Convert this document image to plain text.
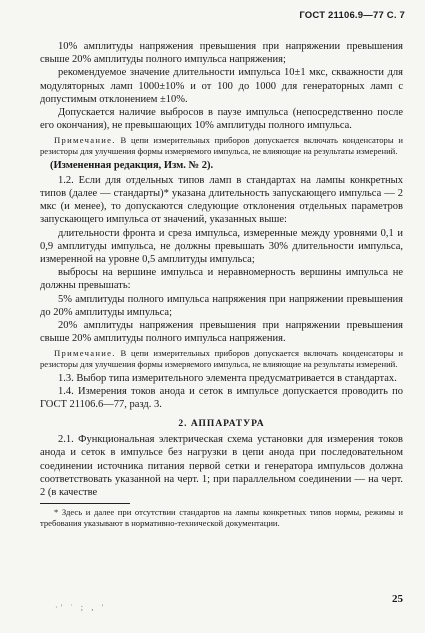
ГОСТ 21106.9—77 С. 7

10% амплитуды напряжения превышения при напряжении превышения свыше 20% амплитуды полного импульса напряжения;

рекомендуемое значение длительности импульса 10±1 мкс, скважности для модуляторных ламп 1000±10% и от 100 до 1000 для генераторных ламп с допустимым отклонением ±10%.

Допускается наличие выбросов в паузе импульса (непосредственно после его окончания), не превышающих 10% амплитуды полного импульса.

Примечание. В цепи измерительных приборов допускается включать конденсаторы и резисторы для улучшения формы измеряемого импульса, не влияющие на результаты измерений.

(Измененная редакция, Изм. № 2).

1.2. Если для отдельных типов ламп в стандартах на лампы конкретных типов (далее — стандарты)* указана длительность запускающего импульса — 2 мкс (и менее), то допускаются следующие отклонения отдельных параметров запускающего импульса от значений, указанных выше:

длительности фронта и среза импульса, измеренные между уровнями 0,1 и 0,9 амплитуды импульса, не должны превышать 30% длительности импульса, измеренной на уровне 0,5 амплитуды импульса;

выбросы на вершине импульса и неравномерность вершины импульса не должны превышать:

5% амплитуды полного импульса напряжения при напряжении превышения до 20% амплитуды импульса;

20% амплитуды напряжения превышения при напряжении превышения свыше 20% амплитуды полного импульса напряжения.

Примечание. В цепи измерительных приборов допускается включать конденсаторы и резисторы для улучшения формы измеряемого импульса, не влияющие на результаты измерений.

1.3. Выбор типа измерительного элемента предусматривается в стандартах.

1.4. Измерения токов анода и сеток в импульсе допускается проводить по ГОСТ 21106.6—77, разд. 3.

2. АППАРАТУРА

2.1. Функциональная электрическая схема установки для измерения токов анода и сеток в импульсе без нагрузки в цепи анода при последовательном соединении источника питания первой сетки и генератора импульсов должна соответствовать указанной на черт. 1; при параллельном соединении — на черт. 2 (в качестве

* Здесь и далее при отсутствии стандартов на лампы конкретных типов нормы, режимы и требования указывают в нормативно-технической документации.

·' ˙ ; ‚ '
25
